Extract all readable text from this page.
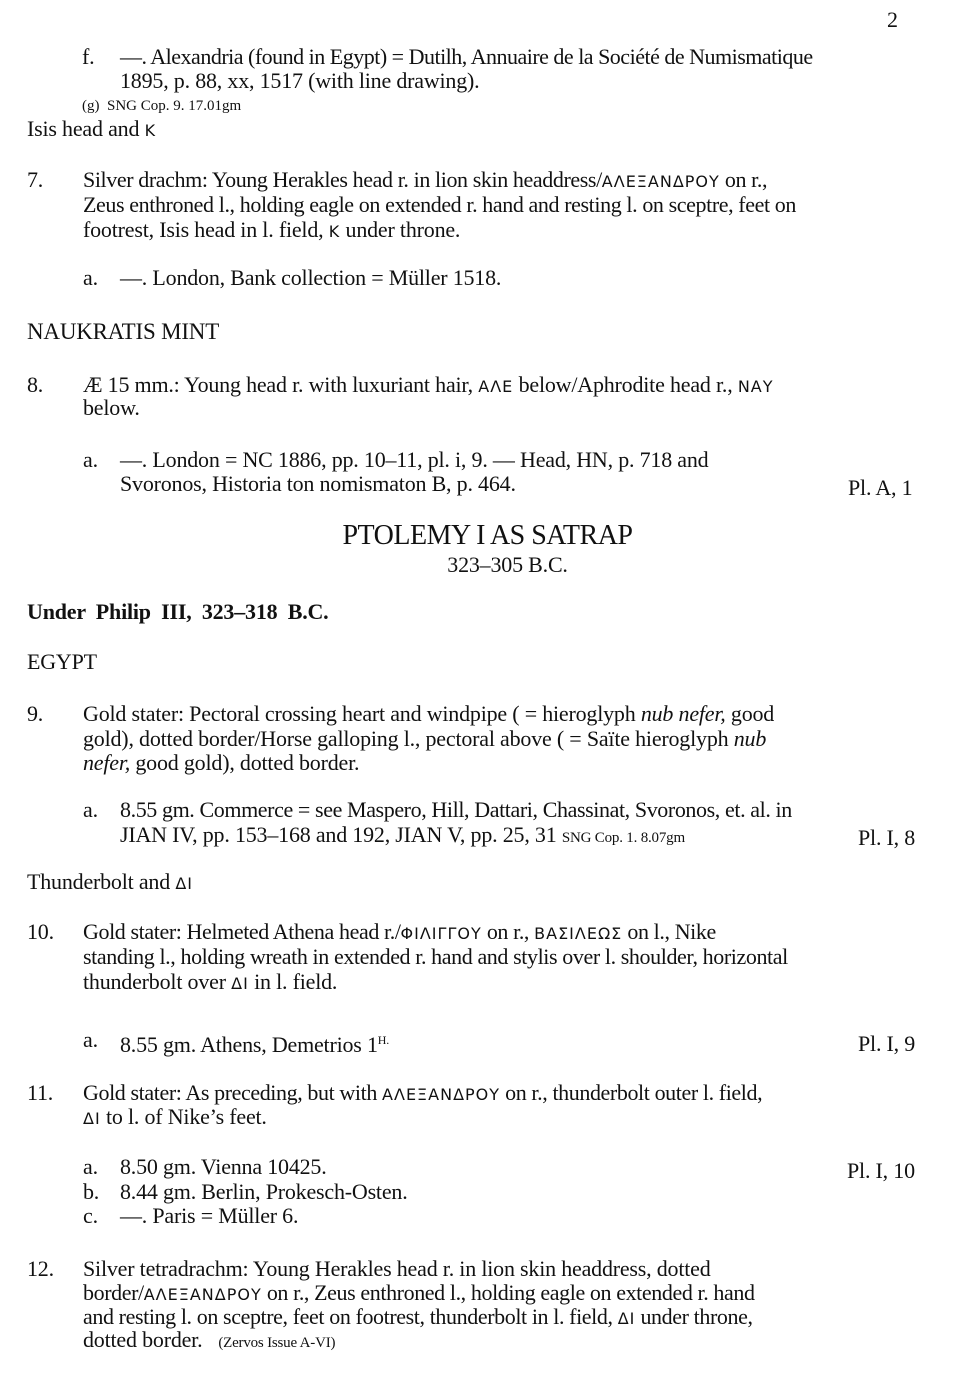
2
f. —. Alexandria (found in Egypt) = Dutilh, Annuaire de la Société de Numismatique
1895, p. 88, xx, 1517 (with line drawing).
(g) SNG Cop. 9. 17.01gm
Isis head and K
7. Silver drachm: Young Herakles head r. in lion skin headdress/ΑΛΕΞΑΝΔΡΟΥ on r.,
Zeus enthroned l., holding eagle on extended r. hand and resting l. on sceptre, feet on
footrest, Isis head in l. field, K under throne.
a. —. London, Bank collection = Müller 1518.
NAUKRATIS MINT
8. Æ 15 mm.: Young head r. with luxuriant hair, ΑΛΕ below/Aphrodite head r., ΝΑΥ
below.
a. —. London = NC 1886, pp. 10–11, pl. i, 9. — Head, HN, p. 718 and
Svoronos, Historia ton nomismaton B, p. 464.	Pl. A, 1
PTOLEMY I AS SATRAP
323–305 B.C.
Under Philip III, 323–318 B.C.
EGYPT
9. Gold stater: Pectoral crossing heart and windpipe ( = hieroglyph nub nefer, good
gold), dotted border/Horse galloping l., pectoral above ( = Saïte hieroglyph nub
nefer, good gold), dotted border.
a. 8.55 gm. Commerce = see Maspero, Hill, Dattari, Chassinat, Svoronos, et. al. in
JIAN IV, pp. 153–168 and 192, JIAN V, pp. 25, 31 SNG Cop. 1. 8.07gm	Pl. I, 8
Thunderbolt and ΔΙ
10. Gold stater: Helmeted Athena head r./ΦΙΛΙΓΓΟΥ on r., ΒΑΣΙΛΕΩΣ on l., Nike
standing l., holding wreath in extended r. hand and stylis over l. shoulder, horizontal
thunderbolt over ΔΙ in l. field.
a. 8.55 gm. Athens, Demetrios $1^{H.}$	Pl. I, 9
11. Gold stater: As preceding, but with ΑΛΕΞΑΝΔΡΟΥ on r., thunderbolt outer l. field,
ΔΙ to l. of Nike’s feet.
a. 8.50 gm. Vienna 10425.	Pl. I, 10
b. 8.44 gm. Berlin, Prokesch-Osten.
c. —. Paris = Müller 6.
12. Silver tetradrachm: Young Herakles head r. in lion skin headdress, dotted
border/ΑΛΕΞΑΝΔΡΟΥ on r., Zeus enthroned l., holding eagle on extended r. hand
and resting l. on sceptre, feet on footrest, thunderbolt in l. field, ΔΙ under throne,
dotted border. (Zervos Issue A-VI)
